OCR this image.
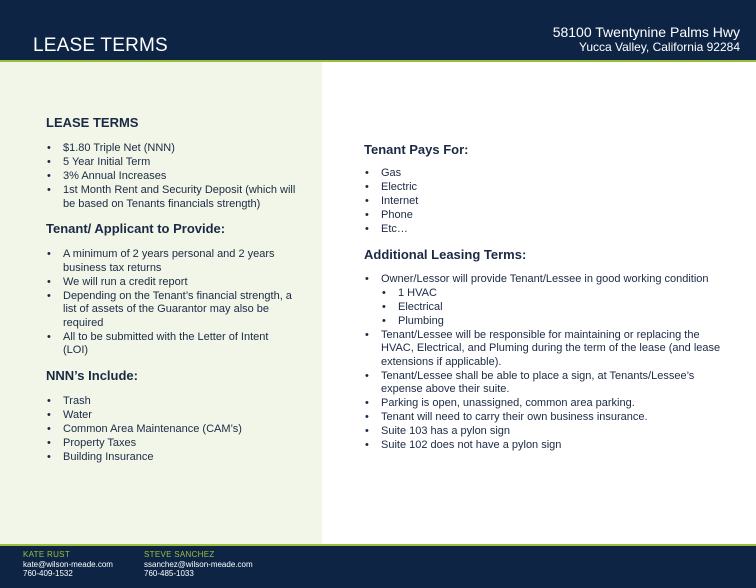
LEASE TERMS
58100 Twentynine Palms Hwy
Yucca Valley, California 92284
LEASE TERMS
• $1.80 Triple Net (NNN)
• 5 Year Initial Term
• 3% Annual Increases
• 1st Month Rent and Security Deposit (which will be based on Tenants financials strength)
Tenant/ Applicant to Provide:
• A minimum of 2 years personal and 2 years business tax returns
• We will run a credit report
• Depending on the Tenant’s financial strength, a list of assets of the Guarantor may also be required
• All to be submitted with the Letter of Intent (LOI)
NNN’s Include:
• Trash
• Water
• Common Area Maintenance (CAM’s)
• Property Taxes
• Building Insurance
Tenant Pays For:
• Gas
• Electric
• Internet
• Phone
• Etc…
Additional Leasing Terms:
• Owner/Lessor will provide Tenant/Lessee in good working condition
• 1 HVAC
• Electrical
• Plumbing
• Tenant/Lessee will be responsible for maintaining or replacing the HVAC, Electrical, and Pluming during the term of the lease (and lease extensions if applicable).
• Tenant/Lessee shall be able to place a sign, at Tenants/Lessee’s expense above their suite.
• Parking is open, unassigned, common area parking.
• Tenant will need to carry their own business insurance.
• Suite 103 has a pylon sign
• Suite 102 does not have a pylon sign
KATE RUST
kate@wilson-meade.com
760-409-1532
STEVE SANCHEZ
ssanchez@wilson-meade.com
760-485-1033
